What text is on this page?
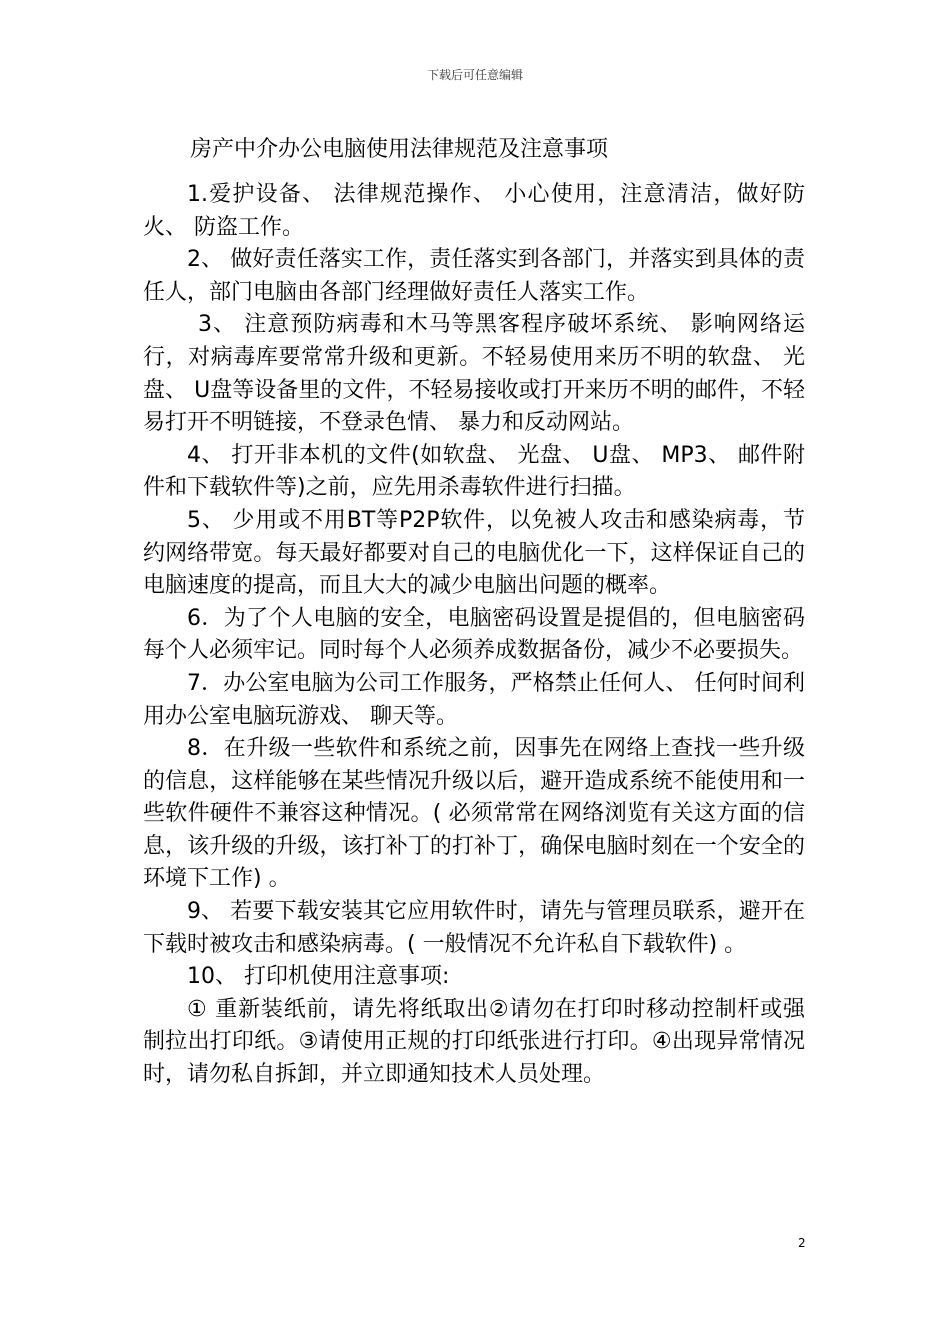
下载后可任意编辑
房产中介办公电脑使用法律规范及注意事项

1.爱护设备、 法律规范操作、 小心使用，注意清洁，做好防火、 防盗工作。

2、 做好责任落实工作，责任落实到各部门，并落实到具体的责任人，部门电脑由各部门经理做好责任人落实工作。

3、 注意预防病毒和木马等黑客程序破坏系统、 影响网络运行，对病毒库要常常升级和更新。不轻易使用来历不明的软盘、 光盘、 U盘等设备里的文件，不轻易接收或打开来历不明的邮件，不轻易打开不明链接，不登录色情、 暴力和反动网站。

4、 打开非本机的文件(如软盘、 光盘、 U盘、 MP3、 邮件附件和下载软件等)之前，应先用杀毒软件进行扫描。

5、 少用或不用BT等P2P软件，以免被人攻击和感染病毒，节约网络带宽。每天最好都要对自己的电脑优化一下，这样保证自己的电脑速度的提高，而且大大的减少电脑出问题的概率。

6．为了个人电脑的安全，电脑密码设置是提倡的，但电脑密码每个人必须牢记。同时每个人必须养成数据备份，减少不必要损失。

7．办公室电脑为公司工作服务，严格禁止任何人、 任何时间利用办公室电脑玩游戏、 聊天等。

8．在升级一些软件和系统之前，因事先在网络上查找一些升级的信息，这样能够在某些情况升级以后，避开造成系统不能使用和一些软件硬件不兼容这种情况。( 必须常常在网络浏览有关这方面的信息，该升级的升级，该打补丁的打补丁，确保电脑时刻在一个安全的环境下工作) 。

9、 若要下载安装其它应用软件时，请先与管理员联系，避开在下载时被攻击和感染病毒。( 一般情况不允许私自下载软件) 。

10、 打印机使用注意事项:

① 重新装纸前，请先将纸取出②请勿在打印时移动控制杆或强制拉出打印纸。③请使用正规的打印纸张进行打印。④出现异常情况时，请勿私自拆卸，并立即通知技术人员处理。

2
